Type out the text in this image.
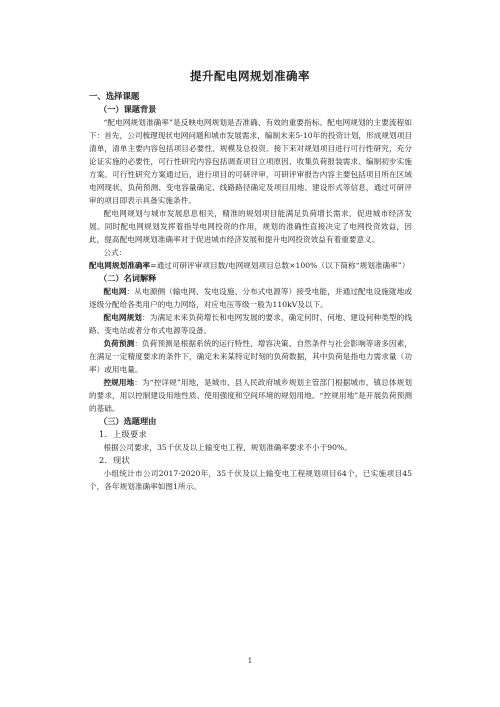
提升配电网规划准确率

一、选择课题

（一）课题背景

“配电网规划准确率”是反映电网规划是否准确、有效的重要指标。配电网规划的主要流程如下：首先，公司梳理现状电网问题和城市发展需求，编制未来5-10年的投资计划，形成规划项目清单，清单主要内容包括项目必要性、规模及总投资。接下来对规划项目进行可行性研究，充分论证实施的必要性，可行性研究内容包括调查项目立项原因、收集负荷报装需求、编制初步实施方案。可行性研究方案通过后，进行项目的可研评审，可研评审报告内容主要包括项目所在区域电网现状、负荷预测、变电容量确定、线路路径确定及项目用地、建设形式等信息，通过可研评审的项目即表示具备实施条件。

配电网规划与城市发展息息相关，精准的规划项目能满足负荷增长需求，促进城市经济发展。同时配电网规划发挥着指导电网投资的作用，规划的准确性直接决定了电网投资效益，因此，提高配电网规划准确率对于促进城市经济发展和提升电网投资效益有着重要意义。

公式：

配电网规划准确率=通过可研评审项目数/电网规划项目总数×100%（以下简称“规划准确率”）

（二）名词解释

配电网：从电源侧（输电网、发电设施、分布式电源等）接受电能，并通过配电设施就地或逐级分配给各类用户的电力网络，对应电压等级一般为110kV及以下。

配电网规划：为满足未来负荷增长和电网发展的要求，确定何时、何地、建设何种类型的线路、变电站或者分布式电源等设备。

负荷预测：负荷预测是根据系统的运行特性、增容决策、自然条件与社会影响等诸多因素，在满足一定精度要求的条件下，确定未来某特定时刻的负荷数据，其中负荷是指电力需求量（功率）或用电量。

控规用地：为“控详规”用地，是城市、县人民政府城乡规划主管部门根据城市、镇总体规划的要求，用以控制建设用地性质、使用强度和空间环境的规划用地。“控规用地”是开展负荷预测的基础。

（三）选题理由

1．上级要求

根据公司要求，35千伏及以上输变电工程，规划准确率要求不小于90%。

2．现状

小组统计市公司2017-2020年，35千伏及以上输变电工程规划项目64个，已实施项目45个，各年规划准确率如图1所示。

1
